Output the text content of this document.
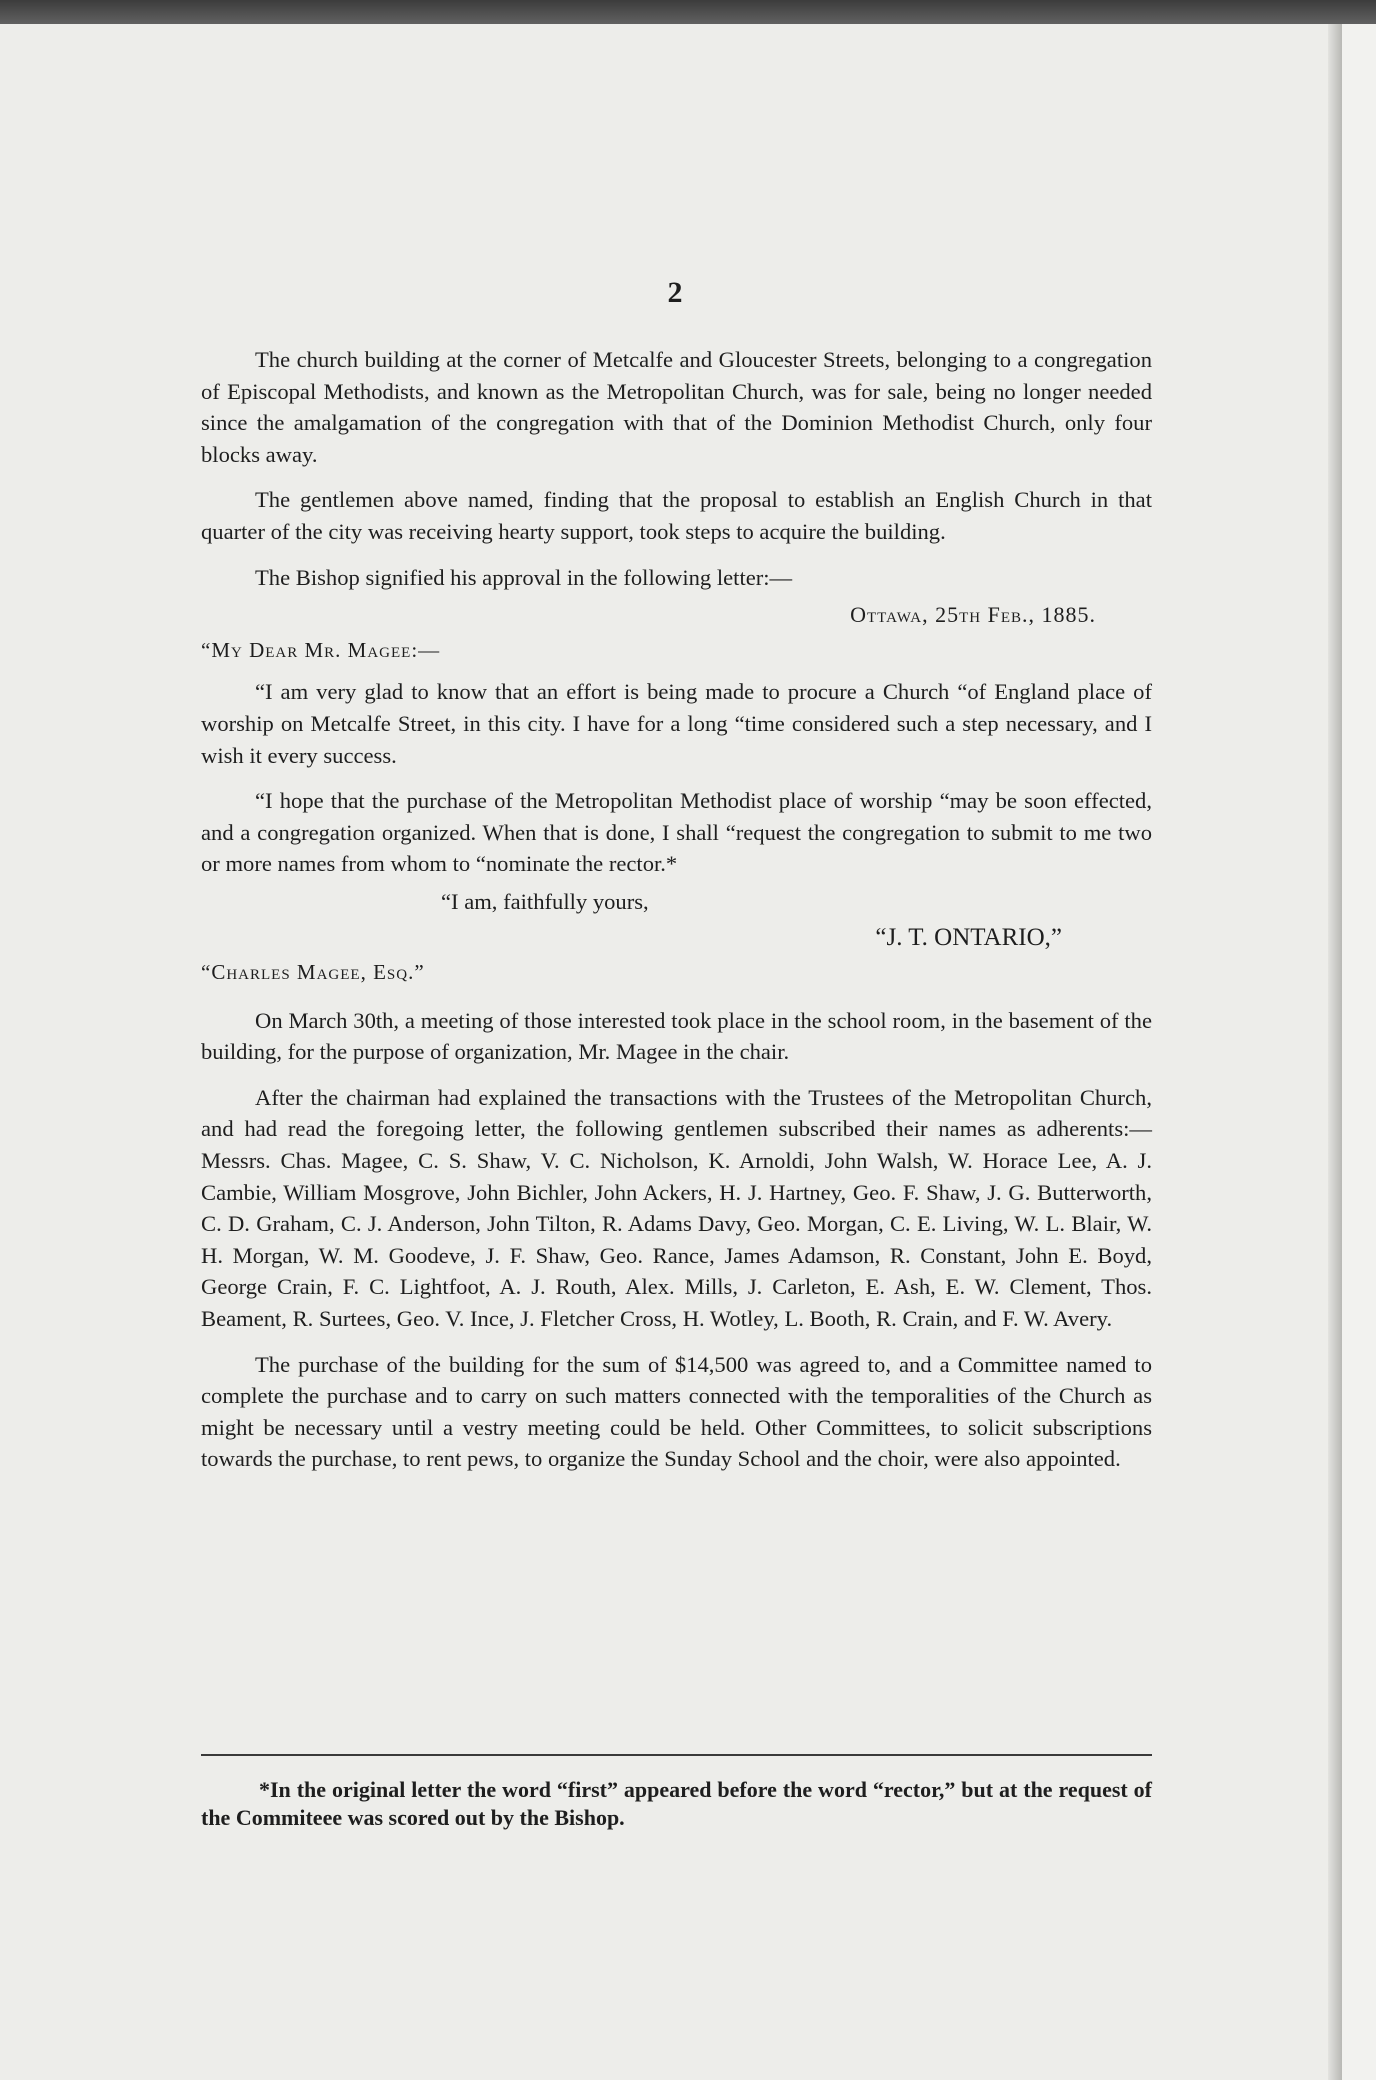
2

The church building at the corner of Metcalfe and Gloucester Streets, belonging to a congregation of Episcopal Methodists, and known as the Metropolitan Church, was for sale, being no longer needed since the amalgamation of the congregation with that of the Dominion Methodist Church, only four blocks away.

The gentlemen above named, finding that the proposal to establish an English Church in that quarter of the city was receiving hearty support, took steps to acquire the building.

The Bishop signified his approval in the following letter:—

Ottawa, 25th Feb., 1885.
“My Dear Mr. Magee:—

“I am very glad to know that an effort is being made to procure a Church “of England place of worship on Metcalfe Street, in this city. I have for a long “time considered such a step necessary, and I wish it every success.

“I hope that the purchase of the Metropolitan Methodist place of worship “may be soon effected, and a congregation organized. When that is done, I shall “request the congregation to submit to me two or more names from whom to “nominate the rector.*

“I am, faithfully yours,
“J. T. ONTARIO,”
“Charles Magee, Esq.”

On March 30th, a meeting of those interested took place in the school room, in the basement of the building, for the purpose of organization, Mr. Magee in the chair.

After the chairman had explained the transactions with the Trustees of the Metropolitan Church, and had read the foregoing letter, the following gentlemen subscribed their names as adherents:—Messrs. Chas. Magee, C. S. Shaw, V. C. Nicholson, K. Arnoldi, John Walsh, W. Horace Lee, A. J. Cambie, William Mosgrove, John Bichler, John Ackers, H. J. Hartney, Geo. F. Shaw, J. G. Butterworth, C. D. Graham, C. J. Anderson, John Tilton, R. Adams Davy, Geo. Morgan, C. E. Living, W. L. Blair, W. H. Morgan, W. M. Goodeve, J. F. Shaw, Geo. Rance, James Adamson, R. Constant, John E. Boyd, George Crain, F. C. Lightfoot, A. J. Routh, Alex. Mills, J. Carleton, E. Ash, E. W. Clement, Thos. Beament, R. Surtees, Geo. V. Ince, J. Fletcher Cross, H. Wotley, L. Booth, R. Crain, and F. W. Avery.

The purchase of the building for the sum of $14,500 was agreed to, and a Committee named to complete the purchase and to carry on such matters connected with the temporalities of the Church as might be necessary until a vestry meeting could be held. Other Committees, to solicit subscriptions towards the purchase, to rent pews, to organize the Sunday School and the choir, were also appointed.

*In the original letter the word “first” appeared before the word “rector,” but at the request of the Commiteee was scored out by the Bishop.
